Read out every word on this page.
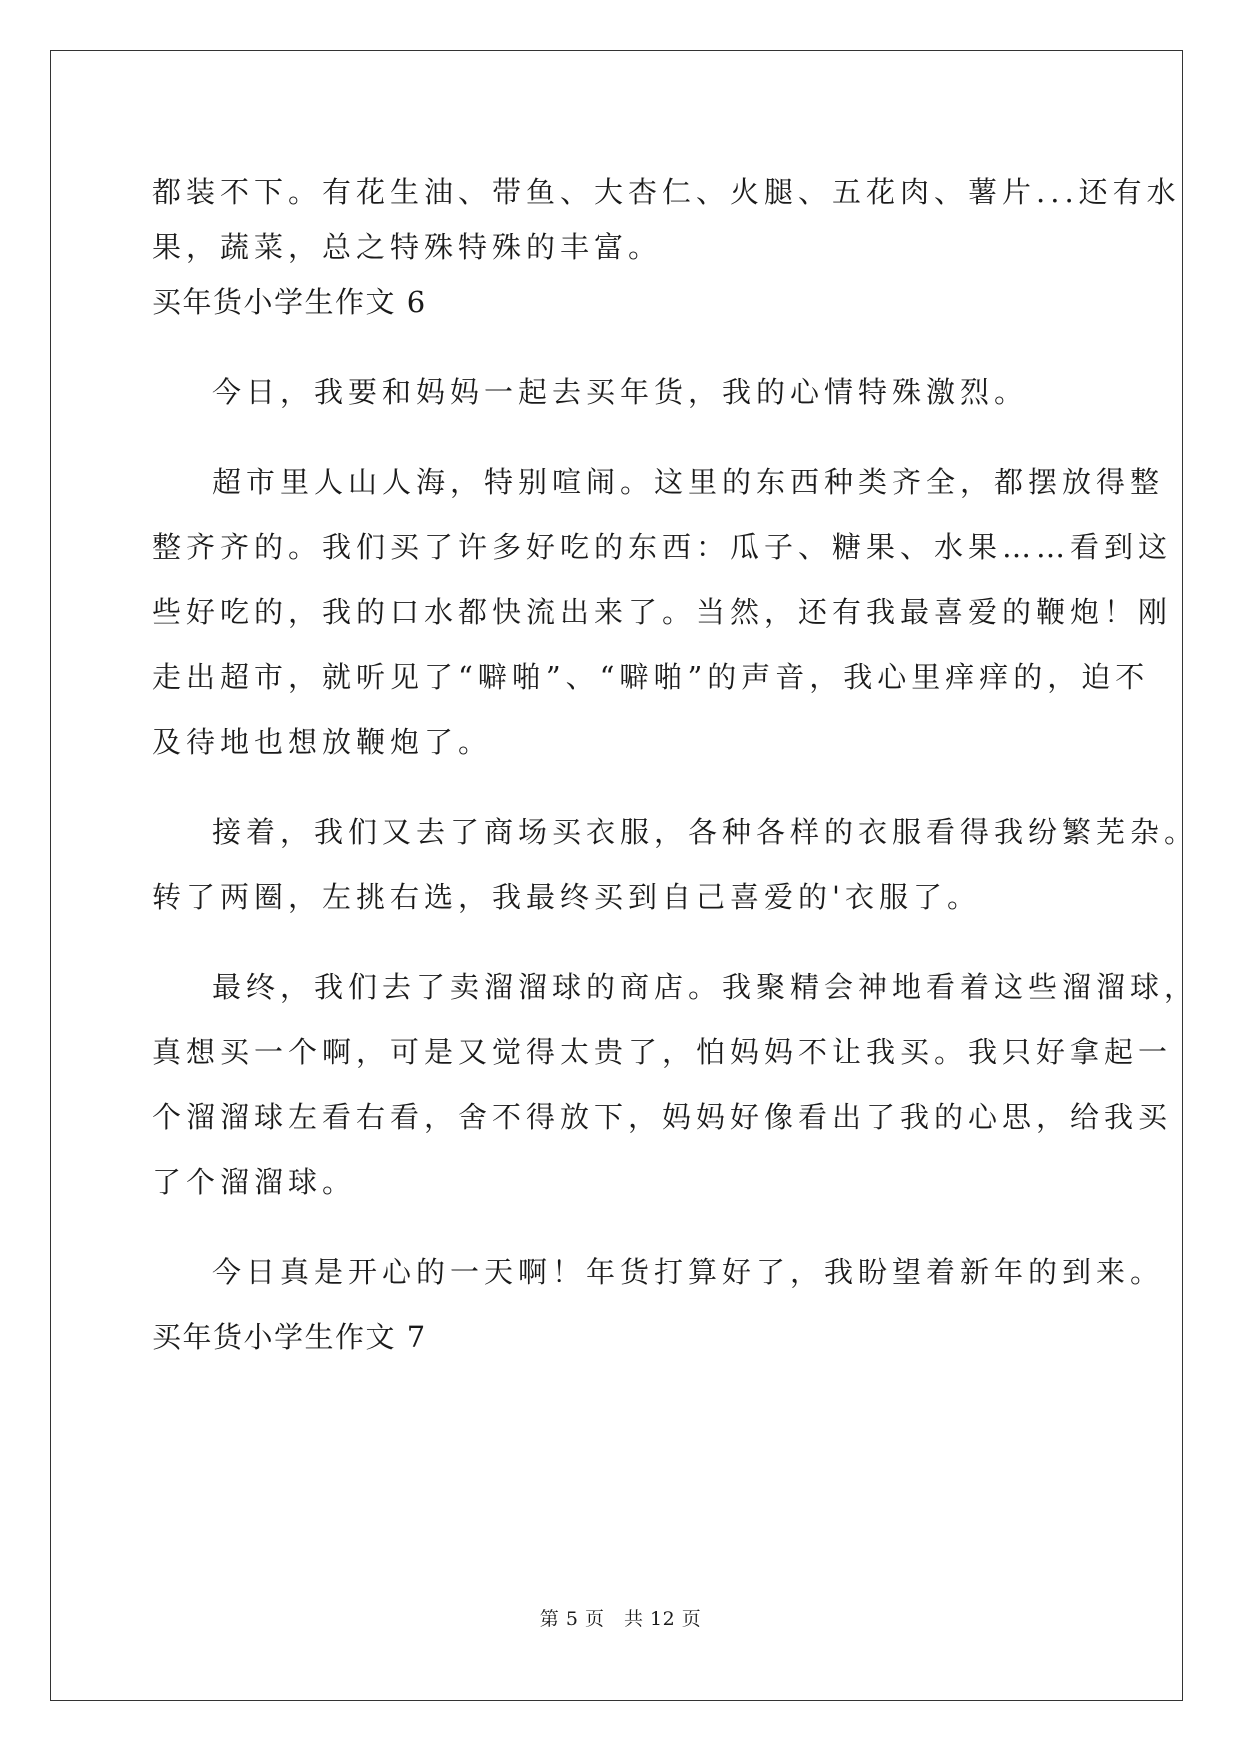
都装不下。有花生油、带鱼、大杏仁、火腿、五花肉、薯片...还有水
果，蔬菜，总之特殊特殊的丰富。
买年货小学生作文 6
今日，我要和妈妈一起去买年货，我的心情特殊激烈。
超市里人山人海，特别喧闹。这里的东西种类齐全，都摆放得整
整齐齐的。我们买了许多好吃的东西：瓜子、糖果、水果……看到这
些好吃的，我的口水都快流出来了。当然，还有我最喜爱的鞭炮！刚
走出超市，就听见了“噼啪”、“噼啪”的声音，我心里痒痒的，迫不
及待地也想放鞭炮了。
接着，我们又去了商场买衣服，各种各样的衣服看得我纷繁芜杂。
转了两圈，左挑右选，我最终买到自己喜爱的'衣服了。
最终，我们去了卖溜溜球的商店。我聚精会神地看着这些溜溜球，
真想买一个啊，可是又觉得太贵了，怕妈妈不让我买。我只好拿起一
个溜溜球左看右看，舍不得放下，妈妈好像看出了我的心思，给我买
了个溜溜球。
今日真是开心的一天啊！年货打算好了，我盼望着新年的到来。
买年货小学生作文 7
第 5 页　共 12 页
